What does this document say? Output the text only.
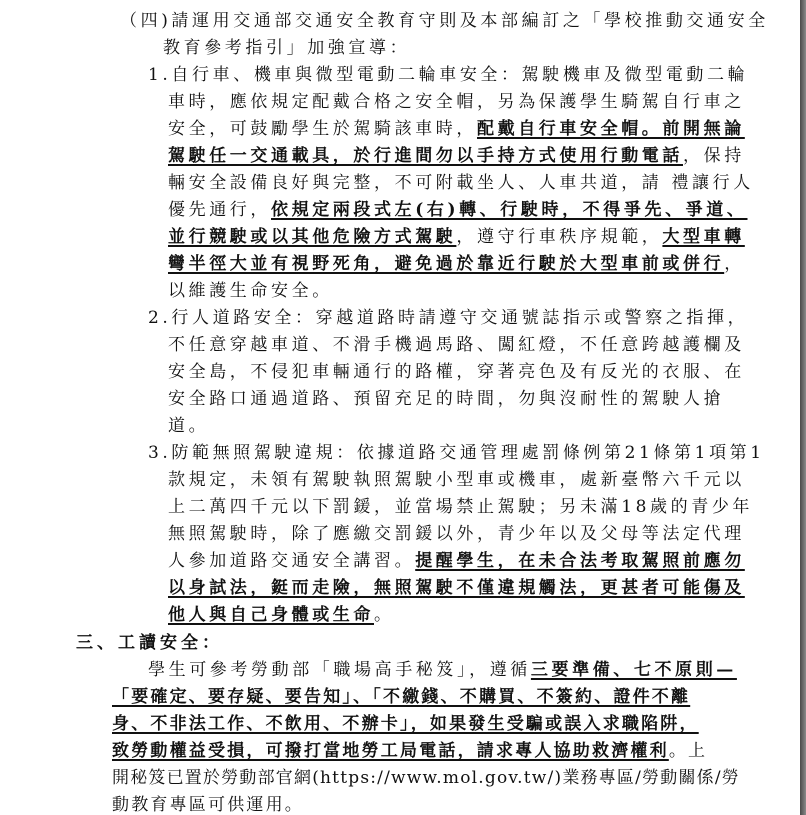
（四)請運用交通部交通安全教育守則及本部編訂之「學校推動交通安全
教育參考指引」加強宣導：
1.自行車、機車與微型電動二輪車安全：駕駛機車及微型電動二輪
車時，應依規定配戴合格之安全帽，另為保護學生騎駕自行車之
安全，可鼓勵學生於駕騎該車時，配戴自行車安全帽。前開無論
駕駛任一交通載具，於行進間勿以手持方式使用行動電話，保持
輛安全設備良好與完整，不可附載坐人、人車共道，請 禮讓行人
優先通行，依規定兩段式左(右)轉、行駛時，不得爭先、爭道、
並行競駛或以其他危險方式駕駛，遵守行車秩序規範，大型車轉
彎半徑大並有視野死角，避免過於靠近行駛於大型車前或併行，
以維護生命安全。
2.行人道路安全：穿越道路時請遵守交通號誌指示或警察之指揮，
不任意穿越車道、不滑手機過馬路、闖紅燈，不任意跨越護欄及
安全島，不侵犯車輛通行的路權，穿著亮色及有反光的衣服、在
安全路口通過道路、預留充足的時間，勿與沒耐性的駕駛人搶
道。
3.防範無照駕駛違規：依據道路交通管理處罰條例第21條第1項第1
款規定，未領有駕駛執照駕駛小型車或機車，處新臺幣六千元以
上二萬四千元以下罰鍰，並當場禁止駕駛；另未滿18歲的青少年
無照駕駛時，除了應繳交罰鍰以外，青少年以及父母等法定代理
人參加道路交通安全講習。提醒學生，在未合法考取駕照前應勿
以身試法，鋌而走險，無照駕駛不僅違規觸法，更甚者可能傷及
他人與自己身體或生命。
三、工讀安全：
學生可參考勞動部「職場高手秘笈」，遵循三要準備、七不原則—
「要確定、要存疑、要告知」、「不繳錢、不購買、不簽約、證件不離
身、不非法工作、不飲用、不辦卡」，如果發生受騙或誤入求職陷阱，
致勞動權益受損，可撥打當地勞工局電話，請求專人協助救濟權利。上
開秘笈已置於勞動部官網(https://www.mol.gov.tw/)業務專區/勞動關係/勞
動教育專區可供運用。
